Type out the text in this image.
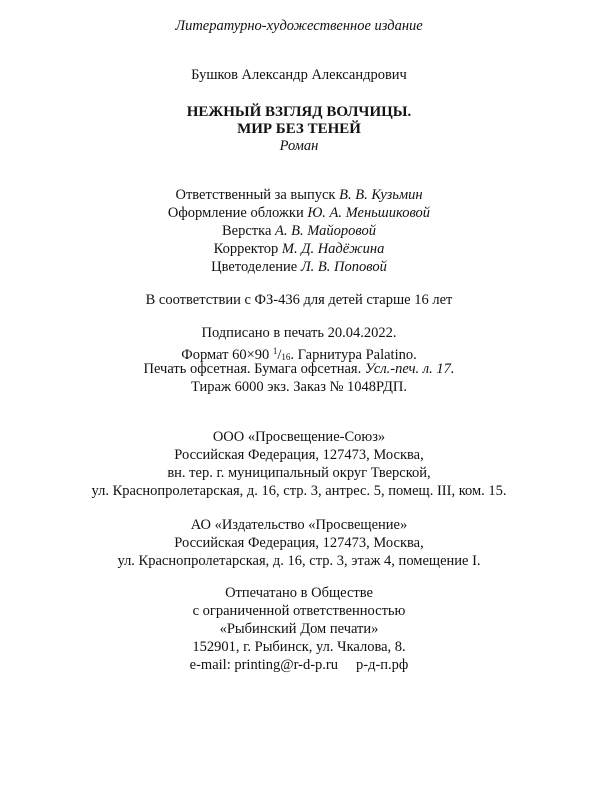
Литературно-художественное издание
Бушков Александр Александрович
НЕЖНЫЙ ВЗГЛЯД ВОЛЧИЦЫ.
МИР БЕЗ ТЕНЕЙ
Роман
Ответственный за выпуск В. В. Кузьмин
Оформление обложки Ю. А. Меньшиковой
Верстка А. В. Майоровой
Корректор М. Д. Надёжина
Цветоделение Л. В. Поповой
В соответствии с ФЗ-436 для детей старше 16 лет
Подписано в печать 20.04.2022.
Формат 60×90 $^1$/16. Гарнитура Palatino.
Печать офсетная. Бумага офсетная. Усл.-печ. л. 17.
Тираж 6000 экз. Заказ № 1048РДП.
ООО «Просвещение-Союз»
Российская Федерация, 127473, Москва,
вн. тер. г. муниципальный округ Тверской,
ул. Краснопролетарская, д. 16, стр. 3, антрес. 5, помещ. III, ком. 15.
АО «Издательство «Просвещение»
Российская Федерация, 127473, Москва,
ул. Краснопролетарская, д. 16, стр. 3, этаж 4, помещение I.
Отпечатано в Обществе
с ограниченной ответственностью
«Рыбинский Дом печати»
152901, г. Рыбинск, ул. Чкалова, 8.
e-mail: printing@r-d-p.ru р-д-п.рф
